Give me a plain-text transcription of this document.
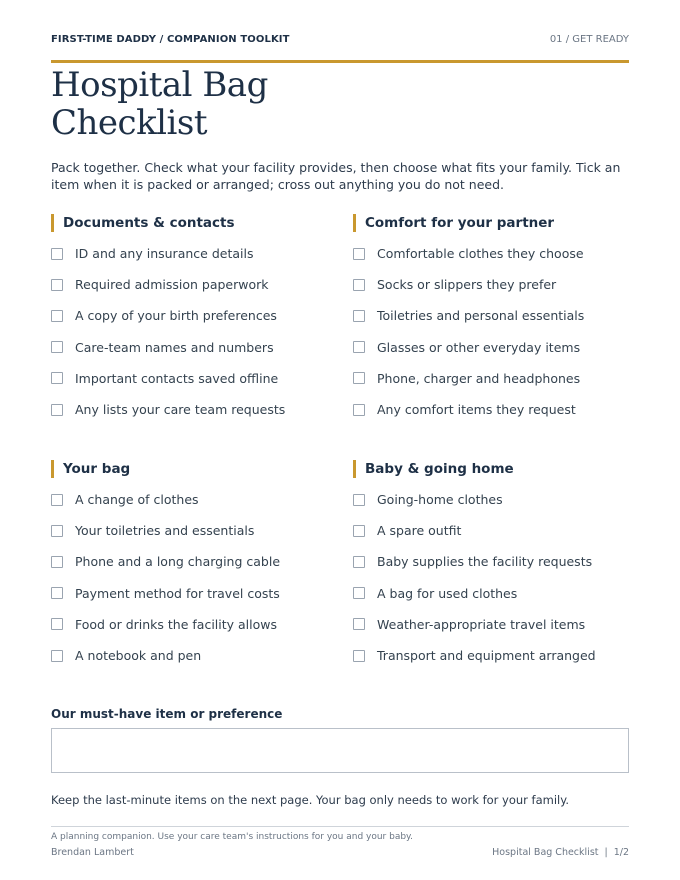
FIRST-TIME DADDY / COMPANION TOOLKIT	01 / GET READY
Hospital Bag
Checklist

Pack together. Check what your facility provides, then choose what fits your family. Tick an item when it is packed or arranged; cross out anything you do not need.

Documents & contacts
ID and any insurance details
Required admission paperwork
A copy of your birth preferences
Care-team names and numbers
Important contacts saved offline
Any lists your care team requests
Comfort for your partner
Comfortable clothes they choose
Socks or slippers they prefer
Toiletries and personal essentials
Glasses or other everyday items
Phone, charger and headphones
Any comfort items they request
Your bag
A change of clothes
Your toiletries and essentials
Phone and a long charging cable
Payment method for travel costs
Food or drinks the facility allows
A notebook and pen
Baby & going home
Going-home clothes
A spare outfit
Baby supplies the facility requests
A bag for used clothes
Weather-appropriate travel items
Transport and equipment arranged
Our must-have item or preference
Keep the last-minute items on the next page. Your bag only needs to work for your family.
A planning companion. Use your care team's instructions for you and your baby.
Brendan Lambert	Hospital Bag Checklist | 1/2
